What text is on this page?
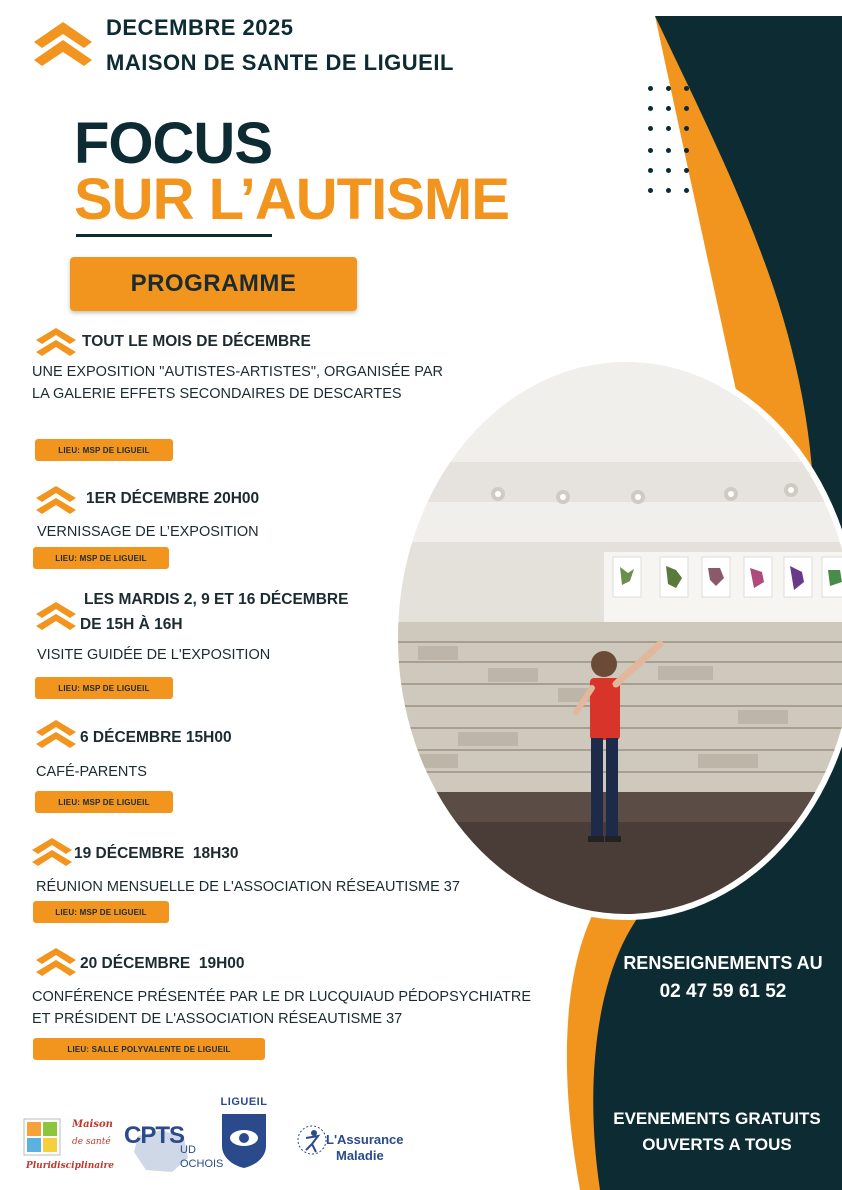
DECEMBRE 2025
MAISON DE SANTE DE LIGUEIL
FOCUS
SUR L’AUTISME
PROGRAMME
TOUT LE MOIS DE DÉCEMBRE
UNE EXPOSITION "AUTISTES-ARTISTES", ORGANISÉE PAR LA GALERIE EFFETS SECONDAIRES DE DESCARTES
LIEU: MSP DE LIGUEIL
1ER DÉCEMBRE 20H00
VERNISSAGE DE L’EXPOSITION
LIEU: MSP DE LIGUEIL
LES MARDIS 2, 9 ET 16 DÉCEMBRE
DE 15H À 16H
VISITE GUIDÉE DE L'EXPOSITION
LIEU: MSP DE LIGUEIL
6 DÉCEMBRE 15H00
CAFÉ-PARENTS
LIEU: MSP DE LIGUEIL
19 DÉCEMBRE  18H30
RÉUNION MENSUELLE DE L'ASSOCIATION RÉSEAUTISME 37
LIEU: MSP DE LIGUEIL
20 DÉCEMBRE  19H00
CONFÉRENCE PRÉSENTÉE PAR LE DR LUCQUIAUD PÉDOPSYCHIATRE ET PRÉSIDENT DE L'ASSOCIATION RÉSEAUTISME 37
LIEU: SALLE POLYVALENTE DE LIGUEIL
RENSEIGNEMENTS AU
02 47 59 61 52
EVENEMENTS GRATUITS
OUVERTS A TOUS
Maison
de santé
Pluridisciplinaire
CPTS
UD
OCHOIS
LIGUEIL
L'Assurance
Maladie
